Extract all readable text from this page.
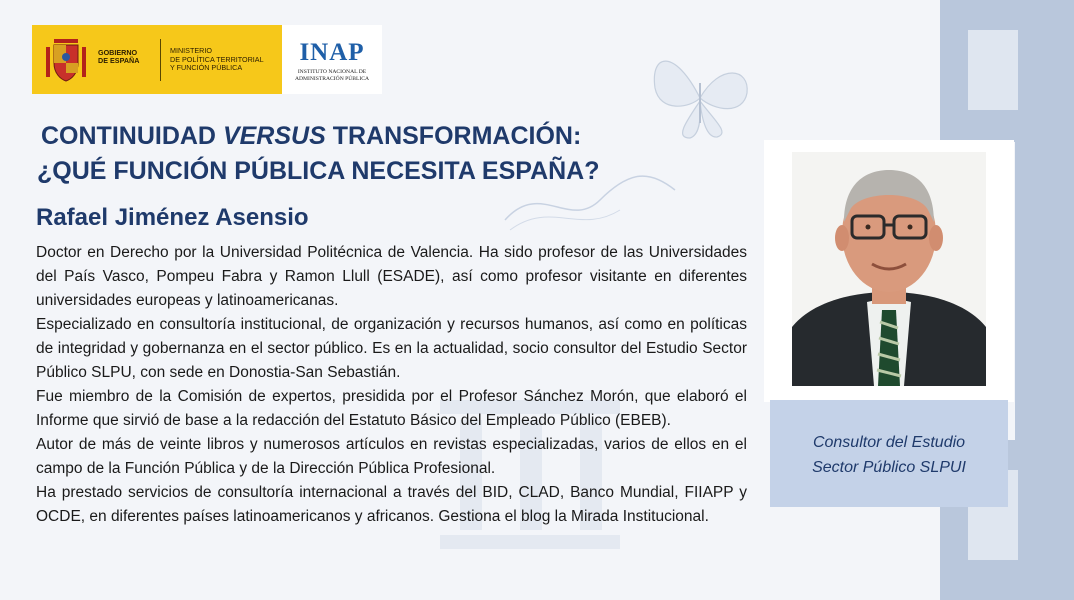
GOBIERNO
DE ESPAÑA
MINISTERIO
DE POLÍTICA TERRITORIAL
Y FUNCIÓN PÚBLICA
INAP
INSTITUTO NACIONAL DE
ADMINISTRACIÓN PÚBLICA
CONTINUIDAD VERSUS TRANSFORMACIÓN:
¿QUÉ FUNCIÓN PÚBLICA NECESITA ESPAÑA?
Rafael Jiménez Asensio

Doctor en Derecho por la Universidad Politécnica de Valencia. Ha sido profesor de las Universidades del País Vasco, Pompeu Fabra y Ramon Llull (ESADE), así como profesor visitante en diferentes universidades europeas y latinoamericanas.

Especializado en consultoría institucional, de organización y recursos humanos, así como en políticas de integridad y gobernanza en el sector público. Es en la actualidad, socio consultor del Estudio Sector Público SLPU, con sede en Donostia-San Sebastián.

Fue miembro de la Comisión de expertos, presidida por el Profesor Sánchez Morón, que elaboró el Informe que sirvió de base a la redacción del Estatuto Básico del Empleado Público (EBEB).

Autor de más de veinte libros y numerosos artículos en revistas especializadas, varios de ellos en el campo de la Función Pública y de la Dirección Pública Profesional.

Ha prestado servicios de consultoría internacional a través del BID, CLAD, Banco Mundial, FIIAPP y OCDE, en diferentes países latinoamericanos y africanos. Gestiona el blog la Mirada Institucional.

Consultor del Estudio
Sector Público SLPUI
